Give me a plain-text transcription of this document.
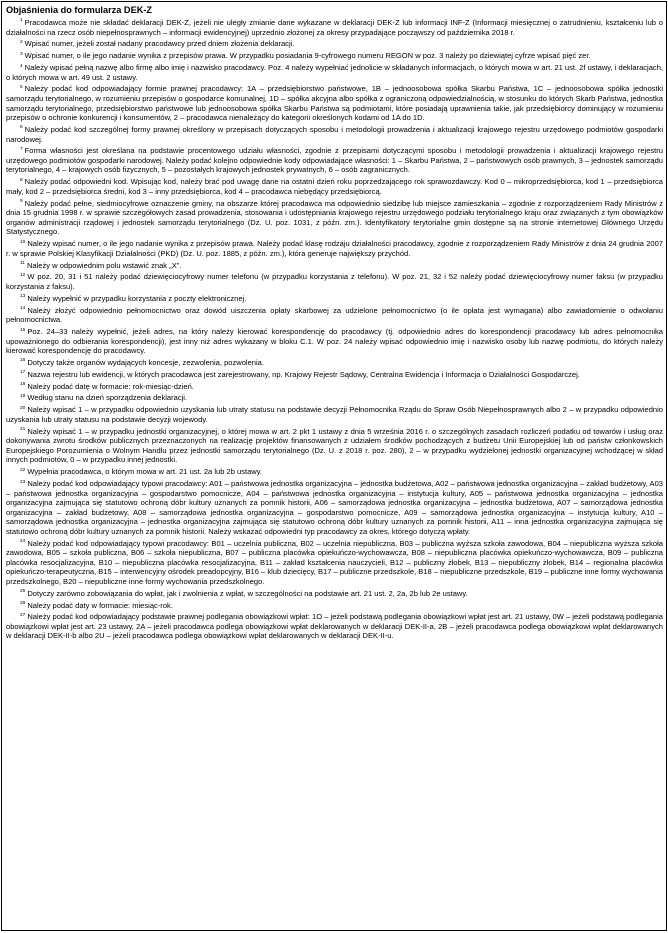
Objaśnienia do formularza DEK-Z
$^1$ Pracodawca może nie składać deklaracji DEK-Z, jeżeli nie uległy zmianie dane wykazane w deklaracji DEK-Z lub informacji INF-Z (Informacji miesięcznej o zatrudnieniu, kształceniu lub o działalności na rzecz osób niepełnosprawnych – informacji ewidencyjnej) uprzednio złożonej za okresy przypadające począwszy od października 2018 r.
$^2$ Wpisać numer, jeżeli został nadany pracodawcy przed dniem złożenia deklaracji.
$^3$ Wpisać numer, o ile jego nadanie wynika z przepisów prawa. W przypadku posiadania 9-cyfrowego numeru REGON w poz. 3 należy po dziewiątej cyfrze wpisać pięć zer.
$^4$ Należy wpisać pełną nazwę albo firmę albo imię i nazwisko pracodawcy. Poz. 4 należy wypełniać jednolicie w składanych informacjach, o których mowa w art. 21 ust. 2f ustawy, i deklaracjach, o których mowa w art. 49 ust. 2 ustawy.
$^5$ Należy podać kod odpowiadający formie prawnej pracodawcy: 1A – przedsiębiorstwo państwowe, 1B – jednoosobowa spółka Skarbu Państwa, 1C – jednoosobowa spółka jednostki samorządu terytorialnego, w rozumieniu przepisów o gospodarce komunalnej, 1D – spółka akcyjna albo spółka z ograniczoną odpowiedzialnością, w stosunku do których Skarb Państwa, jednostka samorządu terytorialnego, przedsiębiorstwo państwowe lub jednoosobowa spółka Skarbu Państwa są podmiotami, które posiadają uprawnienia takie, jak przedsiębiorcy dominujący w rozumieniu przepisów o ochronie konkurencji i konsumentów, 2 – pracodawca nienależący do kategorii określonych kodami od 1A do 1D.
$^6$ Należy podać kod szczególnej formy prawnej określony w przepisach dotyczących sposobu i metodologii prowadzenia i aktualizacji krajowego rejestru urzędowego podmiotów gospodarki narodowej.
$^7$ Forma własności jest określana na podstawie procentowego udziału własności, zgodnie z przepisami dotyczącymi sposobu i metodologii prowadzenia i aktualizacji krajowego rejestru urzędowego podmiotów gospodarki narodowej. Należy podać kolejno odpowiednie kody odpowiadające własności: 1 – Skarbu Państwa, 2 – państwowych osób prawnych, 3 – jednostek samorządu terytorialnego, 4 – krajowych osób fizycznych, 5 – pozostałych krajowych jednostek prywatnych, 6 – osób zagranicznych.
$^8$ Należy podać odpowiedni kod. Wpisując kod, należy brać pod uwagę dane na ostatni dzień roku poprzedzającego rok sprawozdawczy. Kod 0 – mikroprzedsiębiorca, kod 1 – przedsiębiorca mały, kod 2 – przedsiębiorca średni, kod 3 – inny przedsiębiorca, kod 4 – pracodawca niebędący przedsiębiorcą.
$^9$ Należy podać pełne, siedmiocyfrowe oznaczenie gminy, na obszarze której pracodawca ma odpowiednio siedzibę lub miejsce zamieszkania – zgodnie z rozporządzeniem Rady Ministrów z dnia 15 grudnia 1998 r. w sprawie szczegółowych zasad prowadzenia, stosowania i udostępniania krajowego rejestru urzędowego podziału terytorialnego kraju oraz związanych z tym obowiązków organów administracji rządowej i jednostek samorządu terytorialnego (Dz. U. poz. 1031, z późn. zm.). Identyfikatory terytorialne gmin dostępne są na stronie internetowej Głównego Urzędu Statystycznego.
$^{10}$ Należy wpisać numer, o ile jego nadanie wynika z przepisów prawa. Należy podać klasę rodzaju działalności pracodawcy, zgodnie z rozporządzeniem Rady Ministrów z dnia 24 grudnia 2007 r. w sprawie Polskiej Klasyfikacji Działalności (PKD) (Dz. U. poz. 1885, z późn. zm.), która generuje największy przychód.
$^{11}$ Należy w odpowiednim polu wstawić znak „X”.
$^{12}$ W poz. 20, 31 i 51 należy podać dziewięciocyfrowy numer telefonu (w przypadku korzystania z telefonu). W poz. 21, 32 i 52 należy podać dziewięciocyfrowy numer faksu (w przypadku korzystania z faksu).
$^{13}$ Należy wypełnić w przypadku korzystania z poczty elektronicznej.
$^{14}$ Należy złożyć odpowiednio pełnomocnictwo oraz dowód uiszczenia opłaty skarbowej za udzielone pełnomocnictwo (o ile opłata jest wymagana) albo zawiadomienie o odwołaniu pełnomocnictwa.
$^{15}$ Poz. 24–33 należy wypełnić, jeżeli adres, na który należy kierować korespondencję do pracodawcy (tj. odpowiednio adres do korespondencji pracodawcy lub adres pełnomocnika upoważnionego do odbierania korespondencji), jest inny niż adres wykazany w bloku C.1. W poz. 24 należy wpisać odpowiednio imię i nazwisko osoby lub nazwę podmiotu, do których należy kierować korespondencję do pracodawcy.
$^{16}$ Dotyczy także organów wydających koncesje, zezwolenia, pozwolenia.
$^{17}$ Nazwa rejestru lub ewidencji, w których pracodawca jest zarejestrowany, np. Krajowy Rejestr Sądowy, Centralna Ewidencja i Informacja o Działalności Gospodarczej.
$^{18}$ Należy podać datę w formacie: rok-miesiąc-dzień.
$^{19}$ Według stanu na dzień sporządzenia deklaracji.
$^{20}$ Należy wpisać 1 – w przypadku odpowiednio uzyskania lub utraty statusu na podstawie decyzji Pełnomocnika Rządu do Spraw Osób Niepełnosprawnych albo 2 – w przypadku odpowiednio uzyskania lub utraty statusu na podstawie decyzji wojewody.
$^{21}$ Należy wpisać 1 – w przypadku jednostki organizacyjnej, o której mowa w art. 2 pkt 1 ustawy z dnia 5 września 2016 r. o szczególnych zasadach rozliczeń podatku od towarów i usług oraz dokonywania zwrotu środków publicznych przeznaczonych na realizację projektów finansowanych z udziałem środków pochodzących z budżetu Unii Europejskiej lub od państw członkowskich Europejskiego Porozumienia o Wolnym Handlu przez jednostki samorządu terytorialnego (Dz. U. z 2018 r. poz. 280), 2 – w przypadku wydzielonej jednostki organizacyjnej wchodzącej w skład innych podmiotów, 0 – w przypadku innej jednostki.
$^{22}$ Wypełnia pracodawca, o którym mowa w art. 21 ust. 2a lub 2b ustawy.
$^{23}$ Należy podać kod odpowiadający typowi pracodawcy: A01 – państwowa jednostka organizacyjna – jednostka budżetowa, A02 – państwowa jednostka organizacyjna – zakład budżetowy, A03 – państwowa jednostka organizacyjna – gospodarstwo pomocnicze, A04 – państwowa jednostka organizacyjna – instytucja kultury, A05 – państwowa jednostka organizacyjna – jednostka organizacyjna zajmująca się statutowo ochroną dóbr kultury uznanych za pomnik historii, A06 – samorządowa jednostka organizacyjna – jednostka budżetowa, A07 – samorządowa jednostka organizacyjna – zakład budżetowy, A08 – samorządowa jednostka organizacyjna – gospodarstwo pomocnicze, A09 – samorządowa jednostka organizacyjna – instytucja kultury, A10 – samorządowa jednostka organizacyjna – jednostka organizacyjna zajmująca się statutowo ochroną dóbr kultury uznanych za pomnik historii, A11 – inna jednostka organizacyjna zajmująca się statutowo ochroną dóbr kultury uznanych za pomnik historii. Należy wskazać odpowiedni typ pracodawcy za okres, którego dotyczą wpłaty.
$^{24}$ Należy podać kod odpowiadający typowi pracodawcy: B01 – uczelnia publiczna, B02 – uczelnia niepubliczna, B03 – publiczna wyższa szkoła zawodowa, B04 – niepubliczna wyższa szkoła zawodowa, B05 – szkoła publiczna, B06 – szkoła niepubliczna, B07 – publiczna placówka opiekuńczo-wychowawcza, B08 – niepubliczna placówka opiekuńczo-wychowawcza, B09 – publiczna placówka resocjalizacyjna, B10 – niepubliczna placówka resocjalizacyjna, B11 – zakład kształcenia nauczycieli, B12 – publiczny żłobek, B13 – niepubliczny żłobek, B14 – regionalna placówka opiekuńczo-terapeutyczna, B15 – interwencyjny ośrodek preadopcyjny, B16 – klub dziecięcy, B17 – publiczne przedszkole, B18 – niepubliczne przedszkole, B19 – publiczne inne formy wychowania przedszkolnego, B20 – niepubliczne inne formy wychowania przedszkolnego.
$^{25}$ Dotyczy zarówno zobowiązania do wpłat, jak i zwolnienia z wpłat, w szczególności na podstawie art. 21 ust. 2, 2a, 2b lub 2e ustawy.
$^{26}$ Należy podać daty w formacie: miesiąc-rok.
$^{27}$ Należy podać kod odpowiadający podstawie prawnej podlegania obowiązkowi wpłat: 1O – jeżeli podstawą podlegania obowiązkowi wpłat jest art. 21 ustawy, 0W – jeżeli podstawą podlegania obowiązkowi wpłat jest art. 23 ustawy, 2A – jeżeli pracodawca podlega obowiązkowi wpłat deklarowanych w deklaracji DEK-II-a, 2B – jeżeli pracodawca podlega obowiązkowi wpłat deklarowanych w deklaracji DEK-II-b albo 2U – jeżeli pracodawca podlega obowiązkowi wpłat deklarowanych w deklaracji DEK-II-u.
